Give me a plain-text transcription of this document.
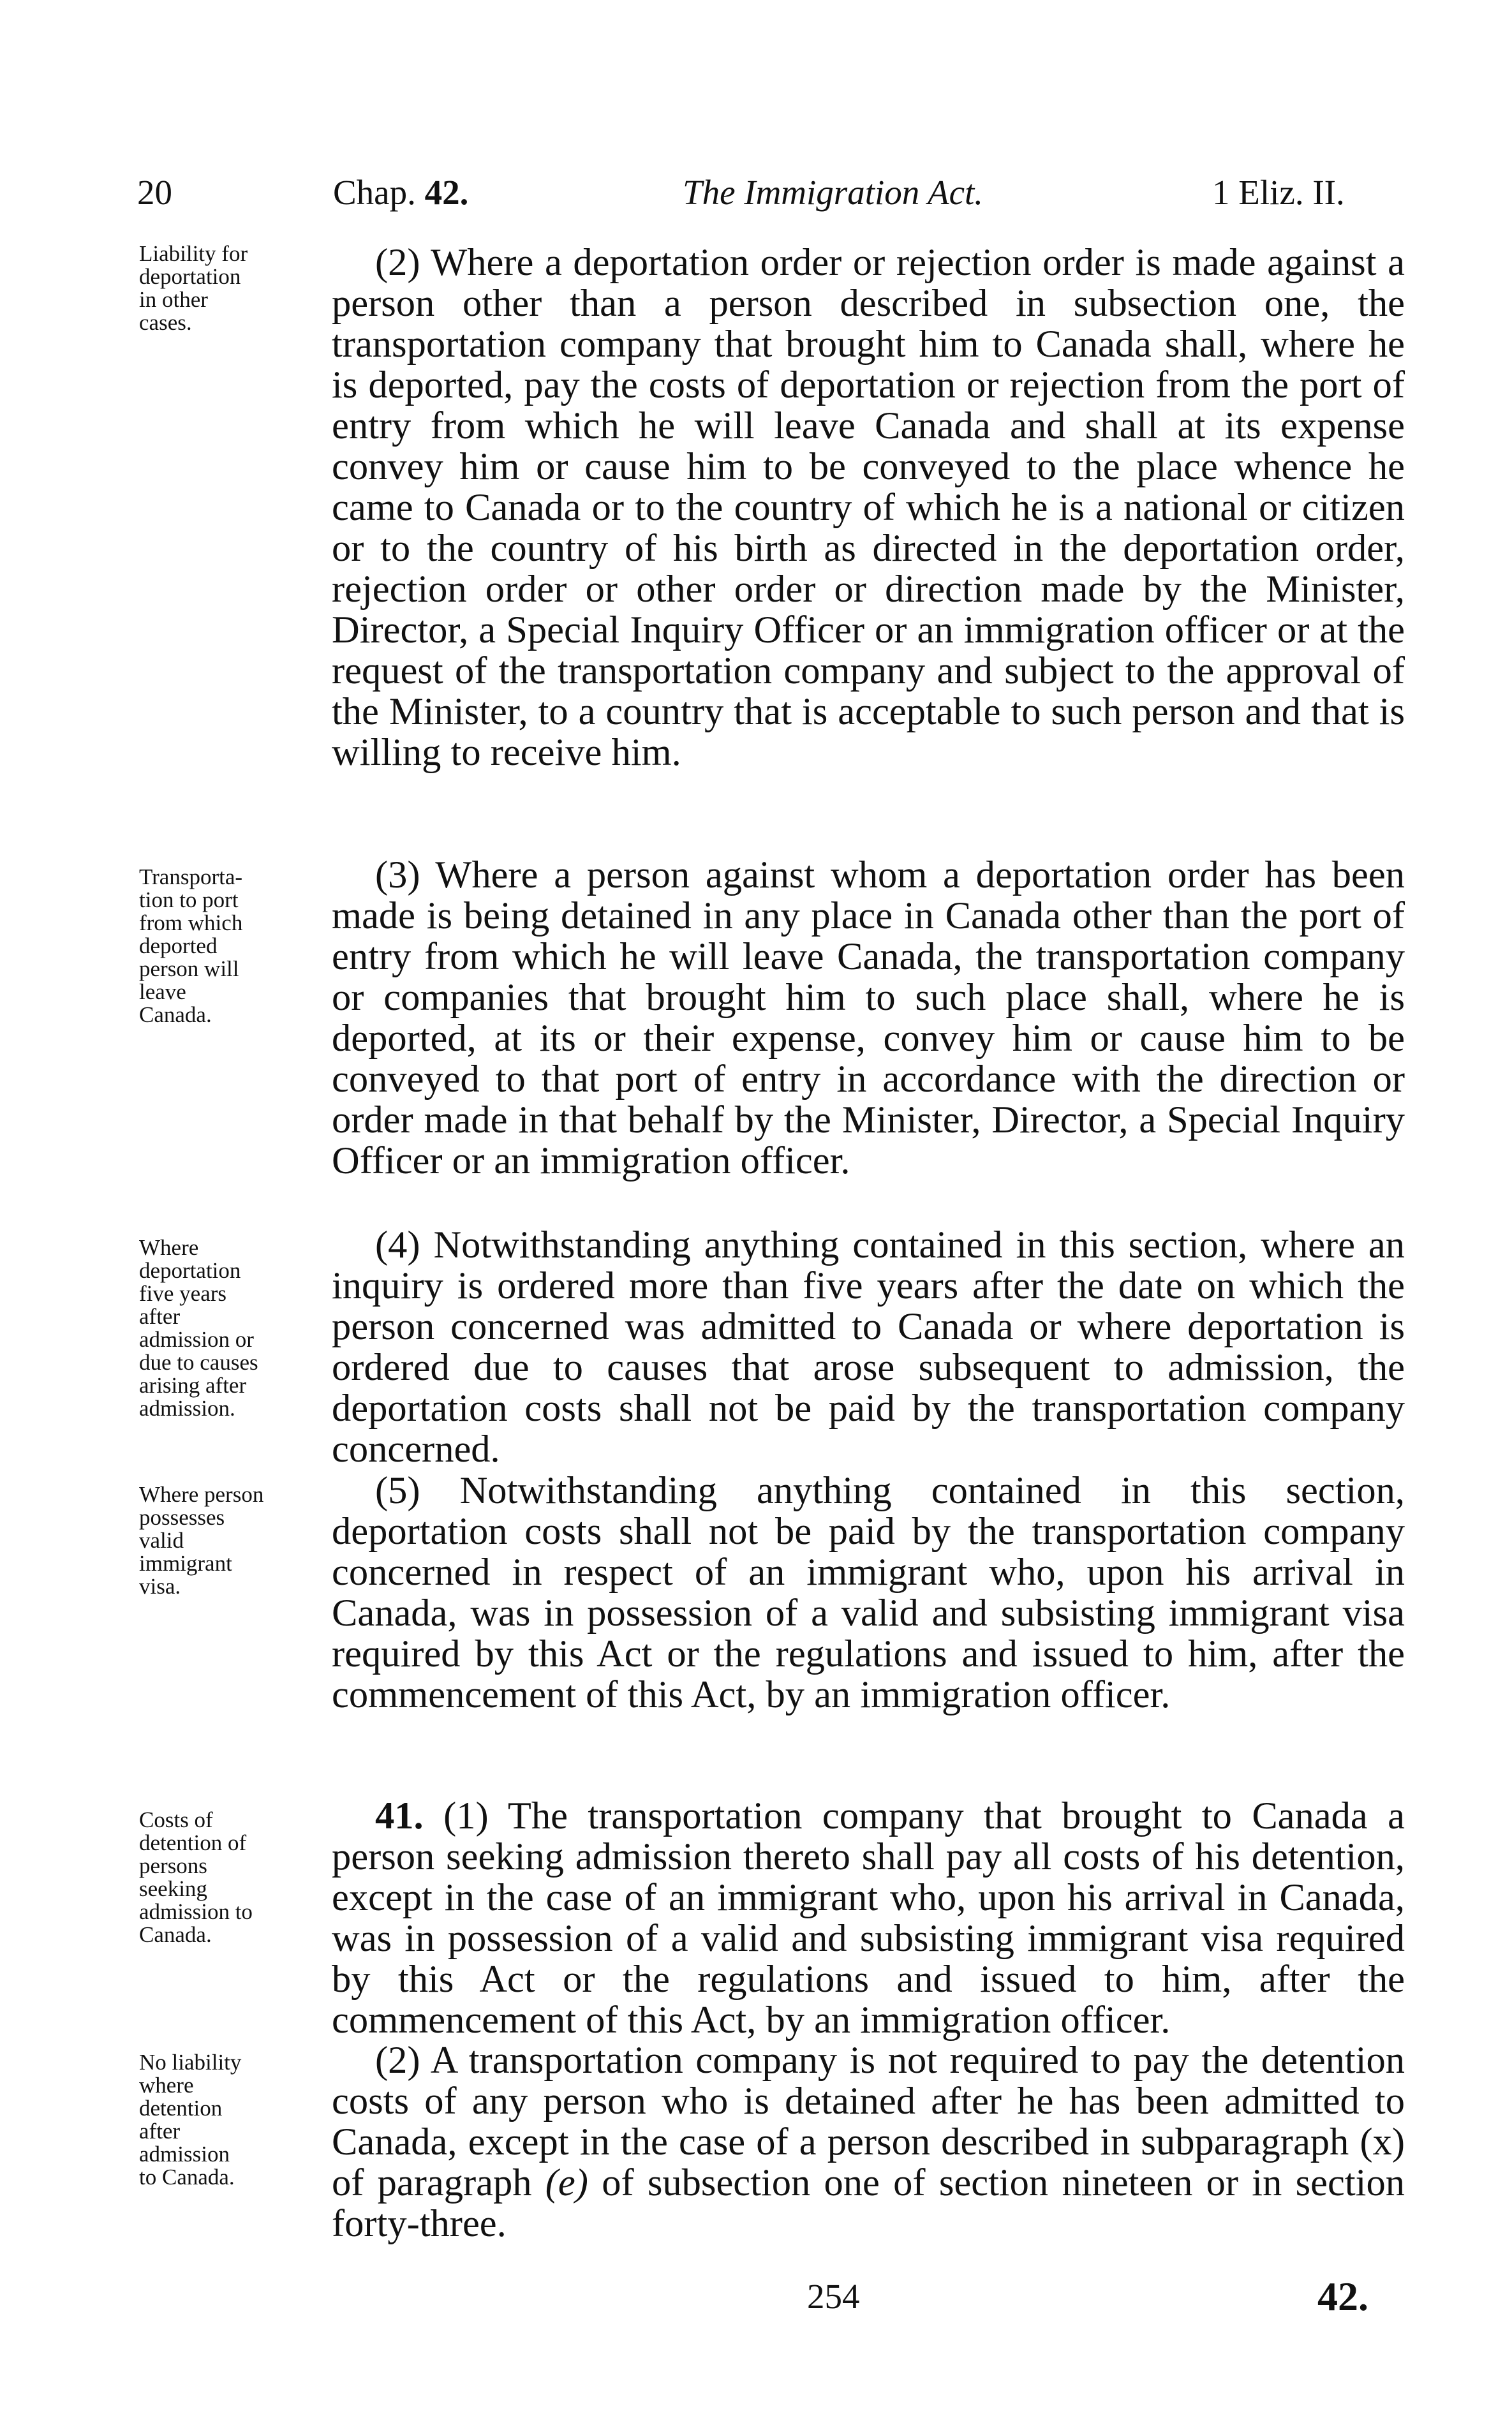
20	Chap. 42.	The Immigration Act.	1 Eliz. II.
Liability for
deportation
in other
cases.
Transporta-
tion to port
from which
deported
person will
leave
Canada.
Where
deportation
five years
after
admission or
due to causes
arising after
admission.
Where person
possesses
valid
immigrant
visa.
Costs of
detention of
persons
seeking
admission to
Canada.
No liability
where
detention
after
admission
to Canada.

(2) Where a deportation order or rejection order is made against a person other than a person described in subsection one, the transportation company that brought him to Canada shall, where he is deported, pay the costs of deportation or rejection from the port of entry from which he will leave Canada and shall at its expense convey him or cause him to be conveyed to the place whence he came to Canada or to the country of which he is a national or citizen or to the country of his birth as directed in the deportation order, rejection order or other order or direction made by the Minister, Director, a Special Inquiry Officer or an immigration officer or at the request of the transportation company and subject to the approval of the Minister, to a country that is acceptable to such person and that is willing to receive him.

(3) Where a person against whom a deportation order has been made is being detained in any place in Canada other than the port of entry from which he will leave Canada, the transportation company or companies that brought him to such place shall, where he is deported, at its or their expense, convey him or cause him to be conveyed to that port of entry in accordance with the direction or order made in that behalf by the Minister, Director, a Special Inquiry Officer or an immigration officer.

(4) Notwithstanding anything contained in this section, where an inquiry is ordered more than five years after the date on which the person concerned was admitted to Canada or where deportation is ordered due to causes that arose subsequent to admission, the deportation costs shall not be paid by the transportation company concerned.

(5) Notwithstanding anything contained in this section, deportation costs shall not be paid by the transportation company concerned in respect of an immigrant who, upon his arrival in Canada, was in possession of a valid and subsisting immigrant visa required by this Act or the regulations and issued to him, after the commencement of this Act, by an immigration officer.

41. (1) The transportation company that brought to Canada a person seeking admission thereto shall pay all costs of his detention, except in the case of an immigrant who, upon his arrival in Canada, was in possession of a valid and subsisting immigrant visa required by this Act or the regulations and issued to him, after the commencement of this Act, by an immigration officer.

(2) A transportation company is not required to pay the detention costs of any person who is detained after he has been admitted to Canada, except in the case of a person described in subparagraph (x) of paragraph (e) of subsection one of section nineteen or in section forty-three.

254	42.
